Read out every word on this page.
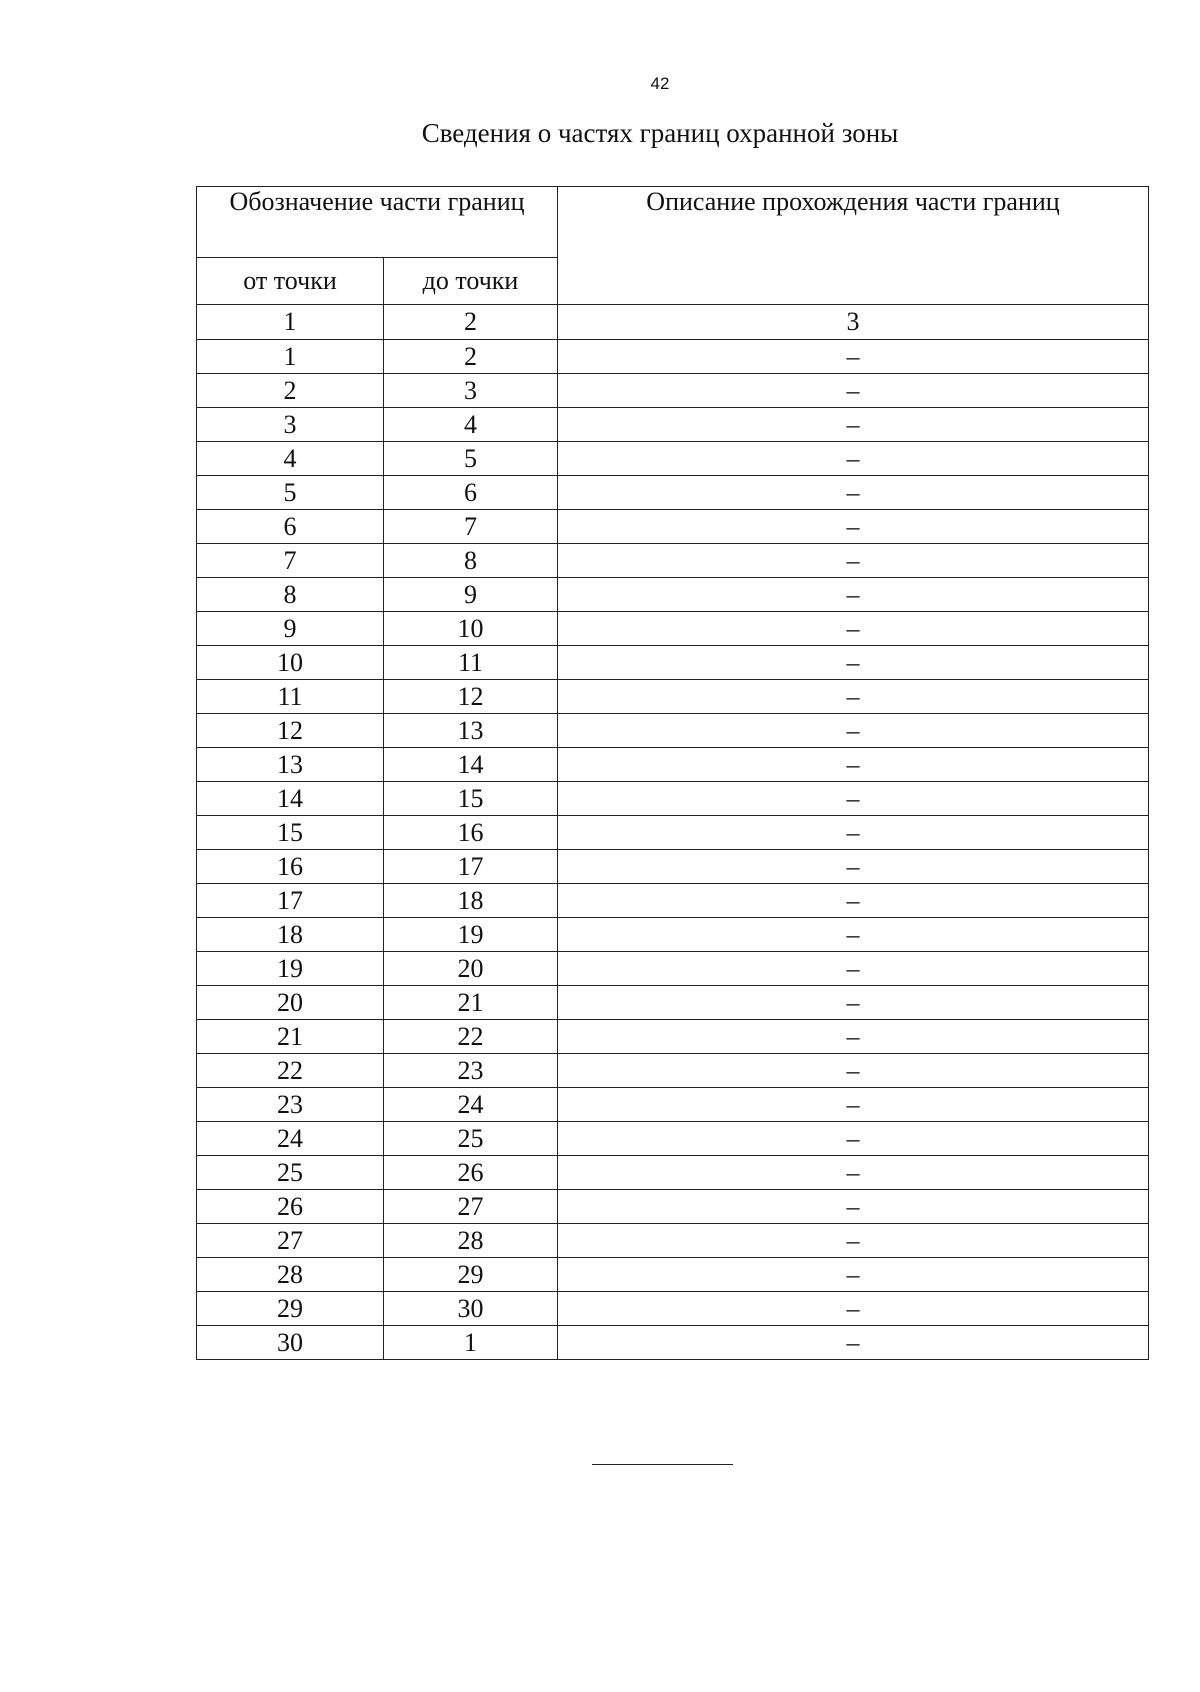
42
Сведения о частях границ охранной зоны
Обозначение части границ		Описание прохождения части границ
от точки	до точки	
1	2	3
1	2	–
2	3	–
3	4	–
4	5	–
5	6	–
6	7	–
7	8	–
8	9	–
9	10	–
10	11	–
11	12	–
12	13	–
13	14	–
14	15	–
15	16	–
16	17	–
17	18	–
18	19	–
19	20	–
20	21	–
21	22	–
22	23	–
23	24	–
24	25	–
25	26	–
26	27	–
27	28	–
28	29	–
29	30	–
30	1	–
